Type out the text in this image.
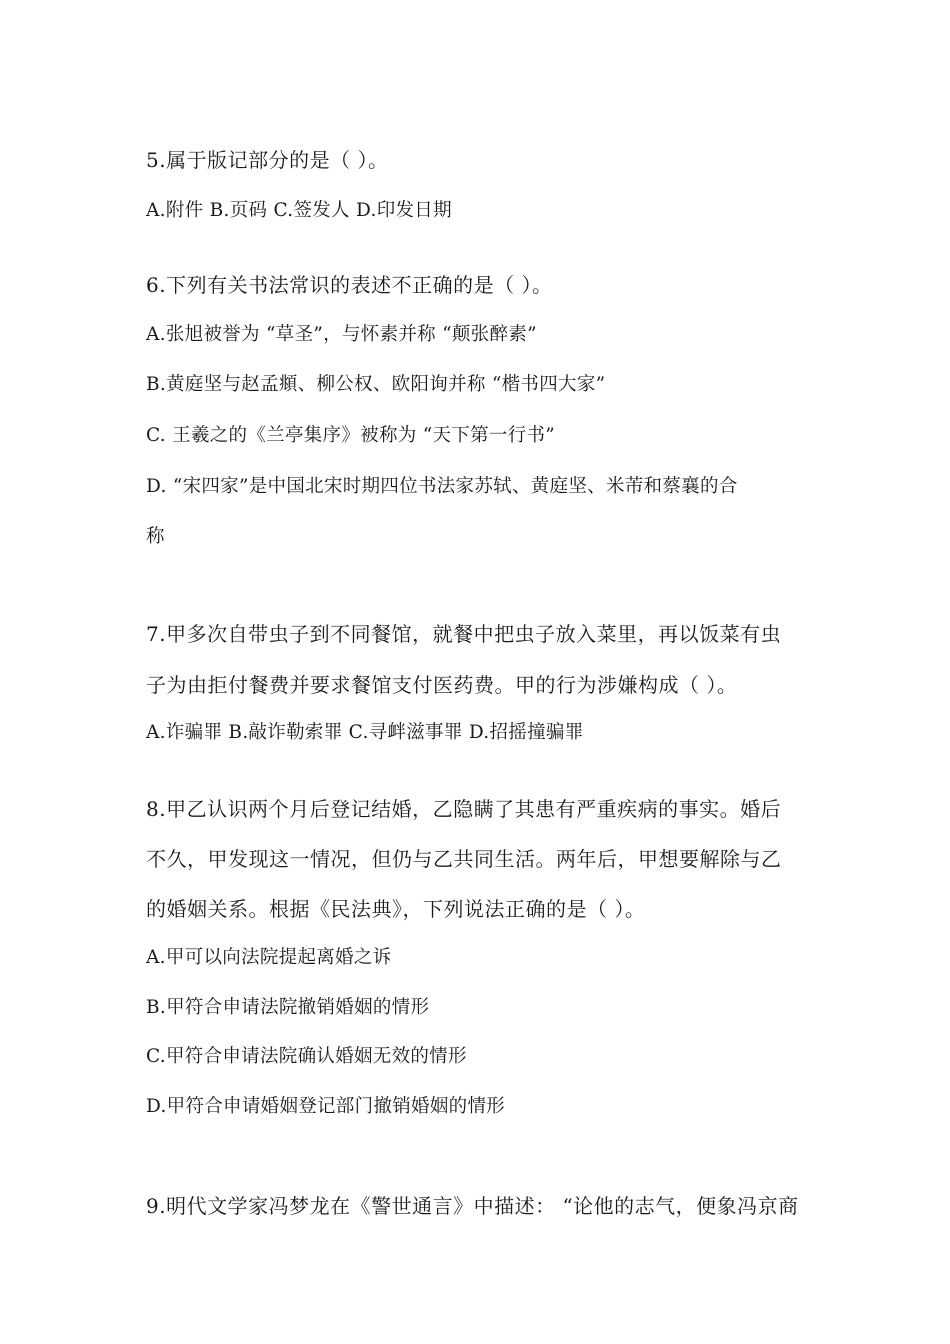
5.属于版记部分的是（ ）。
A.附件 B.页码 C.签发人 D.印发日期
6.下列有关书法常识的表述不正确的是（ ）。
A.张旭被誉为 “草圣”，与怀素并称 “颠张醉素”
B.黄庭坚与赵孟頫、柳公权、欧阳询并称 “楷书四大家”
C. 王羲之的《兰亭集序》被称为 “天下第一行书”
D. “宋四家”是中国北宋时期四位书法家苏轼、黄庭坚、米芾和蔡襄的合
称
7.甲多次自带虫子到不同餐馆，就餐中把虫子放入菜里，再以饭菜有虫
子为由拒付餐费并要求餐馆支付医药费。甲的行为涉嫌构成（ ）。
A.诈骗罪 B.敲诈勒索罪 C.寻衅滋事罪 D.招摇撞骗罪
8.甲乙认识两个月后登记结婚，乙隐瞒了其患有严重疾病的事实。婚后
不久，甲发现这一情况，但仍与乙共同生活。两年后，甲想要解除与乙
的婚姻关系。根据《民法典》，下列说法正确的是（ ）。
A.甲可以向法院提起离婚之诉
B.甲符合申请法院撤销婚姻的情形
C.甲符合申请法院确认婚姻无效的情形
D.甲符合申请婚姻登记部门撤销婚姻的情形
9.明代文学家冯梦龙在《警世通言》中描述： “论他的志气，便象冯京商
